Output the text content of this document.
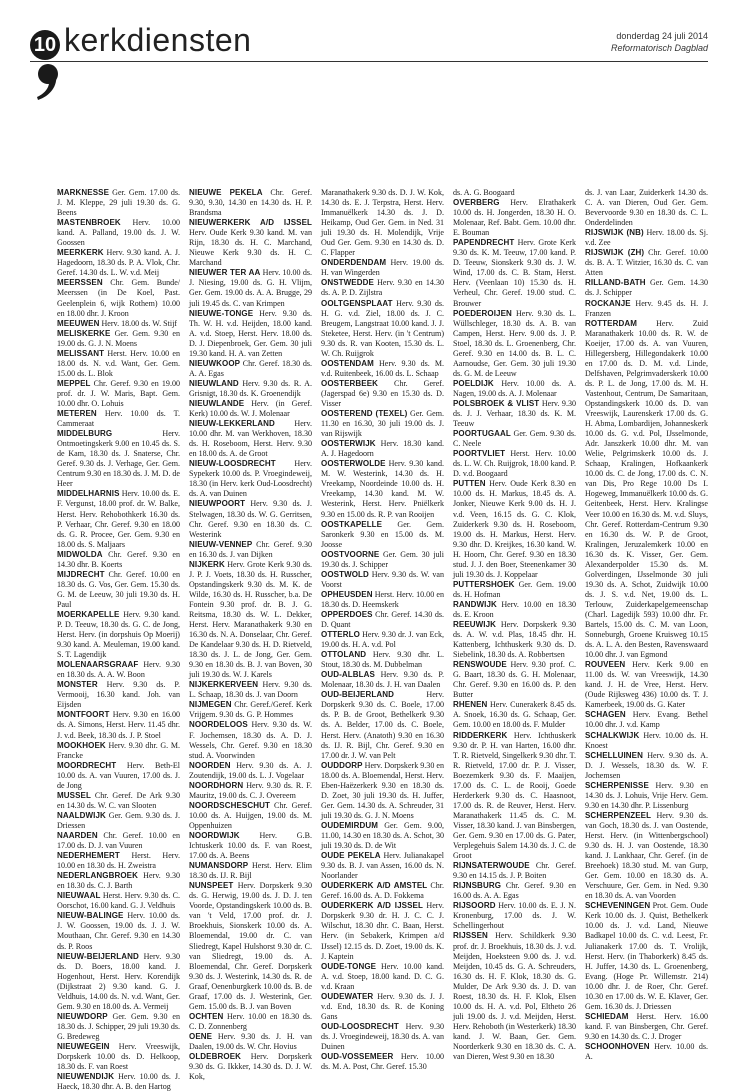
10 kerkdiensten	donderdag 24 juli 2014
Reformatorisch Dagblad

MARKNESSE Ger. Gem. 17.00 ds. J. M. Kleppe, 29 juli 19.30 ds. G. Beens

MASTENBROEK Herv. 10.00 kand. A. Palland, 19.00 ds. J. W. Goossen

MEERKERK Herv. 9.30 kand. A. J. Hagedoorn, 18.30 ds. P. A. Vlok, Chr. Geref. 14.30 ds. L. W. v.d. Meij

MEERSSEN Chr. Gem. Bunde/ Meerssen (in De Koel, Past. Geelenplein 6, wijk Rothem) 10.00 en 18.00 dhr. J. Kroon

MEEUWEN Herv. 18.00 ds. W. Stijf

MELISKERKE Ger. Gem. 9.30 en 19.00 ds. G. J. N. Moens

MELISSANT Herst. Herv. 10.00 en 18.00 ds. N. v.d. Want, Ger. Gem. 15.00 ds. L. Blok

MEPPEL Chr. Geref. 9.30 en 19.00 prof. dr. J. W. Maris, Bapt. Gem. 10.00 dhr. O. Lohuis

METEREN Herv. 10.00 ds. T. Cammeraat

MIDDELBURG	Herv. Ontmoetingskerk 9.00 en 10.45 ds. S. de Kam, 18.30 ds. J. Snaterse, Chr. Geref. 9.30 ds. J. Verhage, Ger. Gem. Centrum 9.30 en 18.30 ds. J. M. D. de Heer

MIDDELHARNIS Herv. 10.00 ds. E. F. Vergunst, 18.00 prof. dr. W. Balke, Herst. Herv. Rehobothkerk 16.30 ds. P. Verhaar, Chr. Geref. 9.30 en 18.00 ds. G. R. Procee, Ger. Gem. 9.30 en 18.00 ds. S. Maljaars

MIDWOLDA Chr. Geref. 9.30 en 14.30 dhr. B. Koerts

MIJDRECHT Chr. Geref. 10.00 en 18.30 ds. G. Vos, Ger. Gem. 15.30 ds. G. M. de Leeuw, 30 juli 19.30 ds. H. Paul

MOERKAPELLE Herv. 9.30 kand. P. D. Teeuw, 18.30 ds. G. C. de Jong, Herst. Herv. (in dorpshuis Op Moerij) 9.30 kand. A. Meuleman, 19.00 kand. S. T. Lagendijk

MOLENAARSGRAAF Herv. 9.30 en 18.30 ds. A. A. W. Boon

MONSTER Herv. 9.30 ds. P. Vermooij, 16.30 kand. Joh. van Eijsden

MONTFOORT Herv. 9.30 en 16.00 ds. A. Simons, Herst. Herv. 11.45 dhr. J. v.d. Beek, 18.30 ds. J. P. Stoel

MOOKHOEK Herv. 9.30 dhr. G. M. Francke

MOORDRECHT Herv. Beth-El 10.00 ds. A. van Vuuren, 17.00 ds. J. de Jong

MUSSEL Chr. Geref. De Ark 9.30 en 14.30 ds. W. C. van Slooten

NAALDWIJK Ger. Gem. 9.30 ds. J. Driessen

NAARDEN Chr. Geref. 10.00 en 17.00 ds. D. J. van Vuuren

NEDERHEMERT Herst. Herv. 10.00 en 18.30 ds. H. Zweistra

NEDERLANGBROEK Herv. 9.30 en 18.30 ds. C. J. Barth

NIEUWAAL Herst. Herv. 9.30 ds. C. Oorschot, 16.00 kand. G. J. Veldhuis

NIEUW-BALINGE Herv. 10.00 ds. J. W. Goossen, 19.00 ds. J. J. W. Mouthaan, Chr. Geref. 9.30 en 14.30 ds. P. Roos

NIEUW-BEIJERLAND Herv. 9.30 ds. D. Boers, 18.00 kand. J. Hogenhout, Herst. Herv. Korendijk (Dijkstraat 2) 9.30 kand. G. J. Veldhuis, 14.00 ds. N. v.d. Want, Ger. Gem. 9.30 en 18.00 ds. A. Vermeij

NIEUWDORP Ger. Gem. 9.30 en 18.30 ds. J. Schipper, 29 juli 19.30 ds. G. Bredeweg

NIEUWEGEIN Herv. Vreeswijk, Dorpskerk 10.00 ds. D. Helkoop, 18.30 ds. F. van Roest

NIEUWENDIJK Herv. 10.00 ds. J. Haeck, 18.30 dhr. A. B. den Hartog

NIEUWE PEKELA Chr. Geref. 9.30, 9.30, 14.30 en 14.30 ds. H. P. Brandsma

NIEUWERKERK A/D IJSSEL Herv. Oude Kerk 9.30 kand. M. van Rijn, 18.30 ds. H. C. Marchand, Nieuwe Kerk 9.30 ds. H. C. Marchand

NIEUWER TER AA Herv. 10.00 ds. J. Niesing, 19.00 ds. G. H. Vlijm, Ger. Gem. 19.00 ds. A. A. Brugge, 29 juli 19.45 ds. C. van Krimpen

NIEUWE-TONGE Herv. 9.30 ds. Th. W. H. v.d. Heijden, 18.00 kand. A. v.d. Stoep, Herst. Herv. 18.00 ds. D. J. Diepenbroek, Ger. Gem. 30 juli 19.30 kand. H. A. van Zetten

NIEUWKOOP Chr. Geref. 18.30 ds. A. A. Egas

NIEUWLAND Herv. 9.30 ds. R. A. Grisnigt, 18.30 ds. K. Groenendijk

NIEUWLANDE Herv. (in Geref. Kerk) 10.00 ds. W. J. Molenaar

NIEUW-LEKKERLAND Herv. 10.00 dhr. M. van Werkhoven, 18.30 ds. H. Roseboom, Herst. Herv. 9.30 en 18.00 ds. A. de Groot

NIEUW-LOOSDRECHT Herv. Sypekerk 10.00 ds. P. Vroegindeweij, 18.30 (in Herv. kerk Oud-Loosdrecht) ds. A. van Duinen

NIEUWPOORT Herv. 9.30 ds. J. Stelwagen, 18.30 ds. W. G. Gerritsen, Chr. Geref. 9.30 en 18.30 ds. C. Westerink

NIEUW-VENNEP Chr. Geref. 9.30 en 16.30 ds. J. van Dijken

NIJKERK Herv. Grote Kerk 9.30 ds. J. P. J. Voets, 18.30 ds. H. Russcher, Opstandingskerk 9.30 ds. M. K. de Wilde, 16.30 ds. H. Russcher, b.a. De Fontein 9.30 prof. dr. B. J. G. Reitsma, 18.30 ds. W. L. Dekker, Herst. Herv. Maranathakerk 9.30 en 16.30 ds. N. A. Donselaar, Chr. Geref. De Kandelaar 9.30 ds. H. D. Rietveld, 18.30 ds. J. L. de Jong, Ger. Gem. 9.30 en 18.30 ds. B. J. van Boven, 30 juli 19.30 ds. W. J. Karels

NIJKERKERVEEN Herv. 9.30 ds. L. Schaap, 18.30 ds. J. van Doorn

NIJMEGEN Chr. Geref./Geref. Kerk Vrijgem. 9.30 ds. G. P. Hommes

NOORDELOOS Herv. 9.30 ds. W. F. Jochemsen, 18.30 ds. A. D. J. Wessels, Chr. Geref. 9.30 en 18.30 stud. A. Voorwinden

NOORDEN Herv. 9.30 ds. A. J. Zoutendijk, 19.00 ds. L. J. Vogelaar

NOORDHORN Herv. 9.30 ds. R. F. Mauritz, 19.00 ds. C. J. Overeem

NOORDSCHESCHUT Chr. Geref. 10.00 ds. A. Huijgen, 19.00 ds. M. Oppenhuizen

NOORDWIJK Herv. G.B. Ichtuskerk 10.00 ds. F. van Roest, 17.00 ds. A. Beens

NUMANSDORP Herst. Herv. Elim 18.30 ds. IJ. R. Bijl

NUNSPEET Herv. Dorpskerk 9.30 ds. G. Herwig, 19.00 ds. J. D. J. ten Voorde, Opstandingskerk 10.00 ds. B. van 't Veld, 17.00 prof. dr. J. Broekhuis, Sionskerk 10.00 ds. A. Bloemendal, 19.00 dr. C. van Sliedregt, Kapel Hulshorst 9.30 dr. C. van Sliedregt, 19.00 ds. A. Bloemendal, Chr. Geref. Dorpskerk 9.30 ds. J. Westerink, 14.30 ds. R. de Graaf, Oenenburgkerk 10.00 ds. B. de Graaf, 17.00 ds. J. Westerink, Ger. Gem. 15.00 ds. B. J. van Boven

OCHTEN Herv. 10.00 en 18.30 ds. C. D. Zonnenberg

OENE Herv. 9.30 ds. J. H. van Daalen, 19.00 ds. W. Chr. Hovius

OLDEBROEK Herv. Dorpskerk 9.30 ds. G. Ikkker, 14.30 ds. D. J. W. Kok,

Maranathakerk 9.30 ds. D. J. W. Kok, 14.30 ds. E. J. Terpstra, Herst. Herv. Immanuëlkerk 14.30 ds. J. D. Heikamp, Oud Ger. Gem. in Ned. 31 juli 19.30 ds. H. Molendijk, Vrije Oud Ger. Gem. 9.30 en 14.30 ds. D. C. Flapper

ONDERDENDAM Herv. 19.00 ds. H. van Wingerden

ONSTWEDDE Herv. 9.30 en 14.30 ds. A. P. D. Zijlstra

OOLTGENSPLAAT Herv. 9.30 ds. H. G. v.d. Ziel, 18.00 ds. J. C. Breugem, Langstraat 10.00 kand. J. J. Steketee, Herst. Herv. (in 't Centrum) 9.30 ds. R. van Kooten, 15.30 ds. L. W. Ch. Ruijgrok

OOSTENDAM Herv. 9.30 ds. M. v.d. Ruitenbeek, 16.00 ds. L. Schaap

OOSTERBEEK Chr. Geref. (Jagerspad 6e) 9.30 en 15.30 ds. D. Visser

OOSTEREND (TEXEL) Ger. Gem. 11.30 en 16.30, 30 juli 19.00 ds. J. van Rijswijk

OOSTERWIJK Herv. 18.30 kand. A. J. Hagedoorn

OOSTERWOLDE Herv. 9.30 kand. M. W. Westerink, 14.30 ds. H. Vreekamp, Noordeinde 10.00 ds. H. Vreekamp, 14.30 kand. M. W. Westerink, Herst. Herv. Pniëlkerk 9.30 en 15.00 ds. R. P. van Rooijen

OOSTKAPELLE Ger. Gem. Saronkerk 9.30 en 15.00 ds. M. Joosse

OOSTVOORNE Ger. Gem. 30 juli 19.30 ds. J. Schipper

OOSTWOLD Herv. 9.30 ds. W. van Voorst

OPHEUSDEN Herst. Herv. 10.00 en 18.30 ds. D. Heemskerk

OPPERDOES Chr. Geref. 14.30 ds. D. Quant

OTTERLO Herv. 9.30 dr. J. van Eck, 19.00 ds. H. A. v.d. Pol

OTTOLAND Herv. 9.30 dhr. L. Stout, 18.30 ds. M. Dubbelman

OUD-ALBLAS Herv. 9.30 ds. P. Molenaar, 18.30 ds. J. H. van Daalen

OUD-BEIJERLAND	Herv. Dorpskerk 9.30 ds. C. Boele, 17.00 ds. P. B. de Groot, Bethelkerk 9.30 ds. A. Belder, 17.00 ds. C. Boele, Herst. Herv. (Anatoth) 9.30 en 16.30 ds. IJ. R. Bijl, Chr. Geref. 9.30 en 17.00 dr. J. W. van Pelt

OUDDORP Herv. Dorpskerk 9.30 en 18.00 ds. A. Bloemendal, Herst. Herv. Eben-Haëzerkerk 9.30 en 18.30 ds. D. Zoet, 30 juli 19.30 ds. H. Juffer, Ger. Gem. 14.30 ds. A. Schreuder, 31 juli 19.30 ds. G. J. N. Moens

OUDEMIRDUM Ger. Gem. 9.00, 11.00, 14.30 en 18.30 ds. A. Schot, 30 juli 19.30 ds. D. de Wit

OUDE PEKELA Herv. Julianakapel 9.30 ds. B. J. van Assen, 16.00 ds. N. Noorlander

OUDERKERK A/D AMSTEL Chr. Geref. 16.00 ds. A. D. Fokkema

OUDERKERK A/D IJSSEL Herv. Dorpskerk 9.30 dr. H. J. C. C. J. Wilschut, 18.30 dhr. C. Baan, Herst. Herv. (in Sebakerk, Krimpen a/d IJssel) 12.15 ds. D. Zoet, 19.00 ds. K. J. Kaptein

OUDE-TONGE Herv. 10.00 kand. A. v.d. Stoep, 18.00 kand. D. C. G. v.d. Kraan

OUDEWATER Herv. 9.30 ds. J. J. v.d. End, 18.30 ds. R. de Koning Gans

OUD-LOOSDRECHT Herv. 9.30 ds. J. Vroegindeweij, 18.30 ds. A. van Duinen

OUD-VOSSEMEER Herv. 10.00 ds. M. A. Post, Chr. Geref. 15.30

ds. A. G. Boogaard

OVERBERG Herv. Elrathakerk 10.00 ds. H. Jongerden, 18.30 H. O. Molenaar, Ref. Babt. Gem. 10.00 dhr. E. Bouman

PAPENDRECHT Herv. Grote Kerk 9.30 ds. K. M. Teeuw, 17.00 kand. P. D. Teeuw, Sionskerk 9.30 ds. J. W. Wind, 17.00 ds. C. B. Stam, Herst. Herv. (Veenlaan 10) 15.30 ds. H. Verheul, Chr. Geref. 19.00 stud. C. Brouwer

POEDEROIJEN Herv. 9.30 ds. L. Wüllschleger, 18.30 ds. A. B. van Campen, Herst. Herv. 9.00 ds. J. P. Stoel, 18.30 ds. L. Groenenberg, Chr. Geref. 9.30 en 14.00 ds. B. L. C. Aarnoudse, Ger. Gem. 30 juli 19.30 ds. G. M. de Leeuw

POELDIJK Herv. 10.00 ds. A. Nagen, 19.00 ds. A. J. Molenaar

POLSBROEK & VLIST Herv. 9.30 ds. J. J. Verhaar, 18.30 ds. K. M. Teeuw

POORTUGAAL Ger. Gem. 9.30 ds. C. Neele

POORTVLIET Herst. Herv. 10.00 ds. L. W. Ch. Ruijgrok, 18.00 kand. P. D. v.d. Boogaard

PUTTEN Herv. Oude Kerk 8.30 en 10.00 ds. H. Markus, 18.45 ds. A. Jonker, Nieuwe Kerk 9.00 ds. H. J. v.d. Veen, 16.15 ds. G. C. Klok, Zuiderkerk 9.30 ds. H. Roseboom, 19.00 ds. H. Markus, Herst. Herv. 9.30 dhr. D. Kreijkes, 16.30 kand. W. H. Hoorn, Chr. Geref. 9.30 en 18.30 stud. J. J. den Boer, Steenenkamer 30 juli 19.30 ds. J. Koppelaar

PUTTERSHOEK Ger. Gem. 19.00 ds. H. Hofman

RANDWIJK Herv. 10.00 en 18.30 ds. E. Kroon

REEUWIJK Herv. Dorpskerk 9.30 ds. A. W. v.d. Plas, 18.45 dhr. H. Kattenberg, Ichthuskerk 9.30 ds. D. Siebelink, 18.30 ds. A. Robbertsen

RENSWOUDE Herv. 9.30 prof. C. G. Baart, 18.30 ds. G. H. Molenaar, Chr. Geref. 9.30 en 16.00 ds. P. den Butter

RHENEN Herv. Cunerakerk 8.45 ds. A. Snoek, 16.30 ds. G. Schaap, Ger. Gem. 10.00 en 18.00 ds. F. Mulder

RIDDERKERK Herv. Ichthuskerk 9.30 dr. P. H. van Harten, 16.00 dhr. T. R. Rietveld, Singelkerk 9.30 dhr. T. R. Rietveld, 17.00 dr. P. J. Visser, Boezemkerk 9.30 ds. F. Maaijen, 17.00 ds. C. L. de Rooij, Goede Herderkerk 9.30 ds. C. Haasnoot, 17.00 ds. R. de Reuver, Herst. Herv. Maranathakerk 11.45 ds. C. M. Visser, 18.30 kand. J. van Binsbergen, Ger. Gem. 9.30 en 17.00 ds. G. Pater, Verplegehuis Salem 14.30 ds. J. C. de Groot

RIJNSATERWOUDE Chr. Geref. 9.30 en 14.15 ds. J. P. Boiten

RIJNSBURG Chr. Geref. 9.30 en 16.00 ds. A. A. Egas

RIJSOORD Herv. 10.00 ds. E. J. N. Kronenburg, 17.00 ds. J. W. Schellingerhout

RIJSSEN Herv. Schildkerk 9.30 prof. dr. J. Broekhuis, 18.30 ds. J. v.d. Meijden, Hoeksteen 9.00 ds. J. v.d. Meijden, 10.45 ds. G. A. Schreuders, 16.30 ds. H. F. Klok, 18.30 ds. G. Mulder, De Ark 9.30 ds. J. D. van Roest, 18.30 ds. H. F. Klok, Elsen 10.00 ds. H. A. v.d. Pol, Eltheto 26 juli 19.00 ds. J. v.d. Meijden, Herst. Herv. Rehoboth (in Westerkerk) 18.30 kand. J. W. Baan, Ger. Gem. Noorderkerk 9.30 en 18.30 ds. C. A. van Dieren, West 9.30 en 18.30

ds. J. van Laar, Zuiderkerk 14.30 ds. C. A. van Dieren, Oud Ger. Gem. Bevervoorde 9.30 en 18.30 ds. C. L. Onderdelinden

RIJSWIJK (NB) Herv. 18.00 ds. Sj. v.d. Zee

RIJSWIJK (ZH) Chr. Geref. 10.00 ds. B. A. T. Witzier, 16.30 ds. C. van Atten

RILLAND-BATH Ger. Gem. 14.30 ds. J. Schipper

ROCKANJE Herv. 9.45 ds. H. J. Franzen

ROTTERDAM Herv. Zuid Maranathakerk 10.00 ds. R. W. de Koeijer, 17.00 ds. A. van Vuuren, Hillegersberg, Hillegondakerk 10.00 en 17.00 ds. D. M. v.d. Linde, Delfshaven, Pelgrimvaderskerk 10.00 ds. P. L. de Jong, 17.00 ds. M. H. Vastenhout, Centrum, De Samaritaan, Opstandingskerk 10.00 ds. D. van Vreeswijk, Laurenskerk 17.00 ds. G. H. Abma, Lombardijen, Johanneskerk 10.00 ds. G. v.d. Pol, IJsselmonde, Adr. Janszkerk 10.00 dhr. M. van Welie, Pelgrimskerk 10.00 ds. J. Schaap, Kralingen, Hofkaankerk 10.00 ds. C. de Jong, 17.00 ds. C. N. van Dis, Pro Rege 10.00 Ds I. Hogeweg, Immanuëlkerk 10.00 ds. G. Geitenbeek, Herst. Herv. Kralingse Veer 10.00 en 16.30 ds. M. v.d. Sluys, Chr. Geref. Rotterdam-Centrum 9.30 en 16.30 ds. W. P. de Groot, Kralingen, Jeruzalemkerk 10.00 en 16.30 ds. K. Visser, Ger. Gem. Alexanderpolder 15.30 ds. M. Golverdingen, IJsselmonde 30 juli 19.30 ds. A. Schot, Zuidwijk 10.00 ds. J. S. v.d. Net, 19.00 ds. L. Terlouw, Zuiderkapelgemeenschap (Charl. Lagedijk 593) 10.00 dhr. Fr. Bartels, 15.00 ds. C. M. van Loon, Sonneburgh, Groene Kruisweg 10.15 ds. A. L. A. den Besten, Ravenswaard 10.00 dhr. J. van Egmond

ROUVEEN Herv. Kerk 9.00 en 11.00 ds. W. van Vreeswijk, 14.30 kand. J. H. de Vree, Herst. Herv. (Oude Rijksweg 436) 10.00 ds. T. J. Kamerbeek, 19.00 ds. G. Kater

SCHAGEN Herv. Evang. Bethel 10.00 dhr. J. v.d. Kamp

SCHALKWIJK Herv. 10.00 ds. H. Knoest

SCHELLUINEN Herv. 9.30 ds. A. D. J. Wessels, 18.30 ds. W. F. Jochemsen

SCHERPENISSE Herv. 9.30 en 14.30 ds. J. Lohuis, Vrije Herv. Gem. 9.30 en 14.30 dhr. P. Lissenburg

SCHERPENZEEL Herv. 9.30 ds. van Goch, 18.30 ds. J. van Oostende, Herst. Herv. (in Wittenbergschool) 9.30 ds. H. J. van Oostende, 18.30 kand. J. Lankhaar, Chr. Geref. (in de Breehoek) 18.30 stud. M. van Gurp, Ger. Gem. 10.00 en 18.30 ds. A. Verschuure, Ger. Gem. in Ned. 9.30 en 18.30 ds. A. van Voorden

SCHEVENINGEN Prot. Gem. Oude Kerk 10.00 ds. J. Quist, Bethelkerk 10.00 ds. J. v.d. Land, Nieuwe Badkapel 10.00 ds. C. v.d. Leest, Fr. Julianakerk 17.00 ds. T. Vrolijk, Herst. Herv. (in Thaborkerk) 8.45 ds. H. Juffer, 14.30 ds. L. Groenenberg, Evang. (Hoge Pr. Willemstr. 214) 10.00 dhr. J. de Roer, Chr. Geref. 10.30 en 17.00 ds. W. E. Klaver, Ger. Gem. 16.30 ds. J. Driessen

SCHIEDAM Herst. Herv. 16.00 kand. F. van Binsbergen, Chr. Geref. 9.30 en 14.30 ds. C. J. Droger

SCHOONHOVEN Herv. 10.00 ds. A.
